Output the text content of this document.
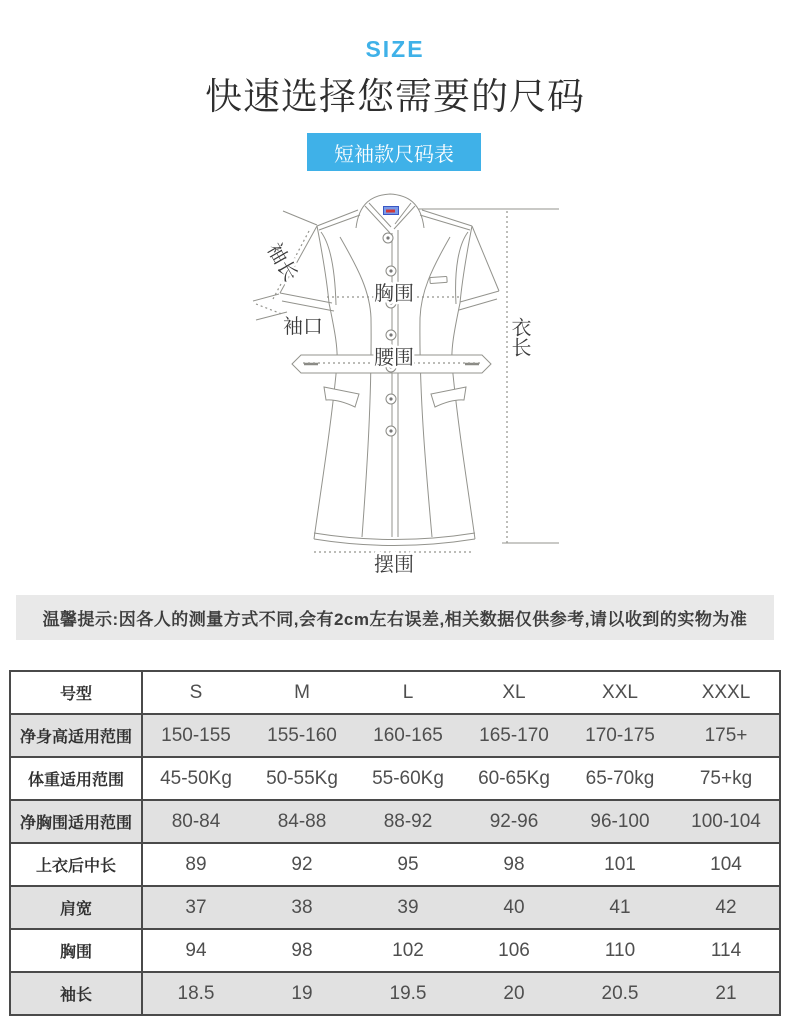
SIZE
快速选择您需要的尺码
短袖款尺码表
袖长
袖口
胸围
腰围
衣长
摆围
温馨提示:因各人的测量方式不同,会有2cm左右误差,相关数据仅供参考,请以收到的实物为准
号型	S	M	L	XL	XXL	XXXL
净身高适用范围	150-155	155-160	160-165	165-170	170-175	175+
体重适用范围	45-50Kg	50-55Kg	55-60Kg	60-65Kg	65-70kg	75+kg
净胸围适用范围	80-84	84-88	88-92	92-96	96-100	100-104
上衣后中长	89	92	95	98	101	104
肩宽	37	38	39	40	41	42
胸围	94	98	102	106	110	114
袖长	18.5	19	19.5	20	20.5	21
